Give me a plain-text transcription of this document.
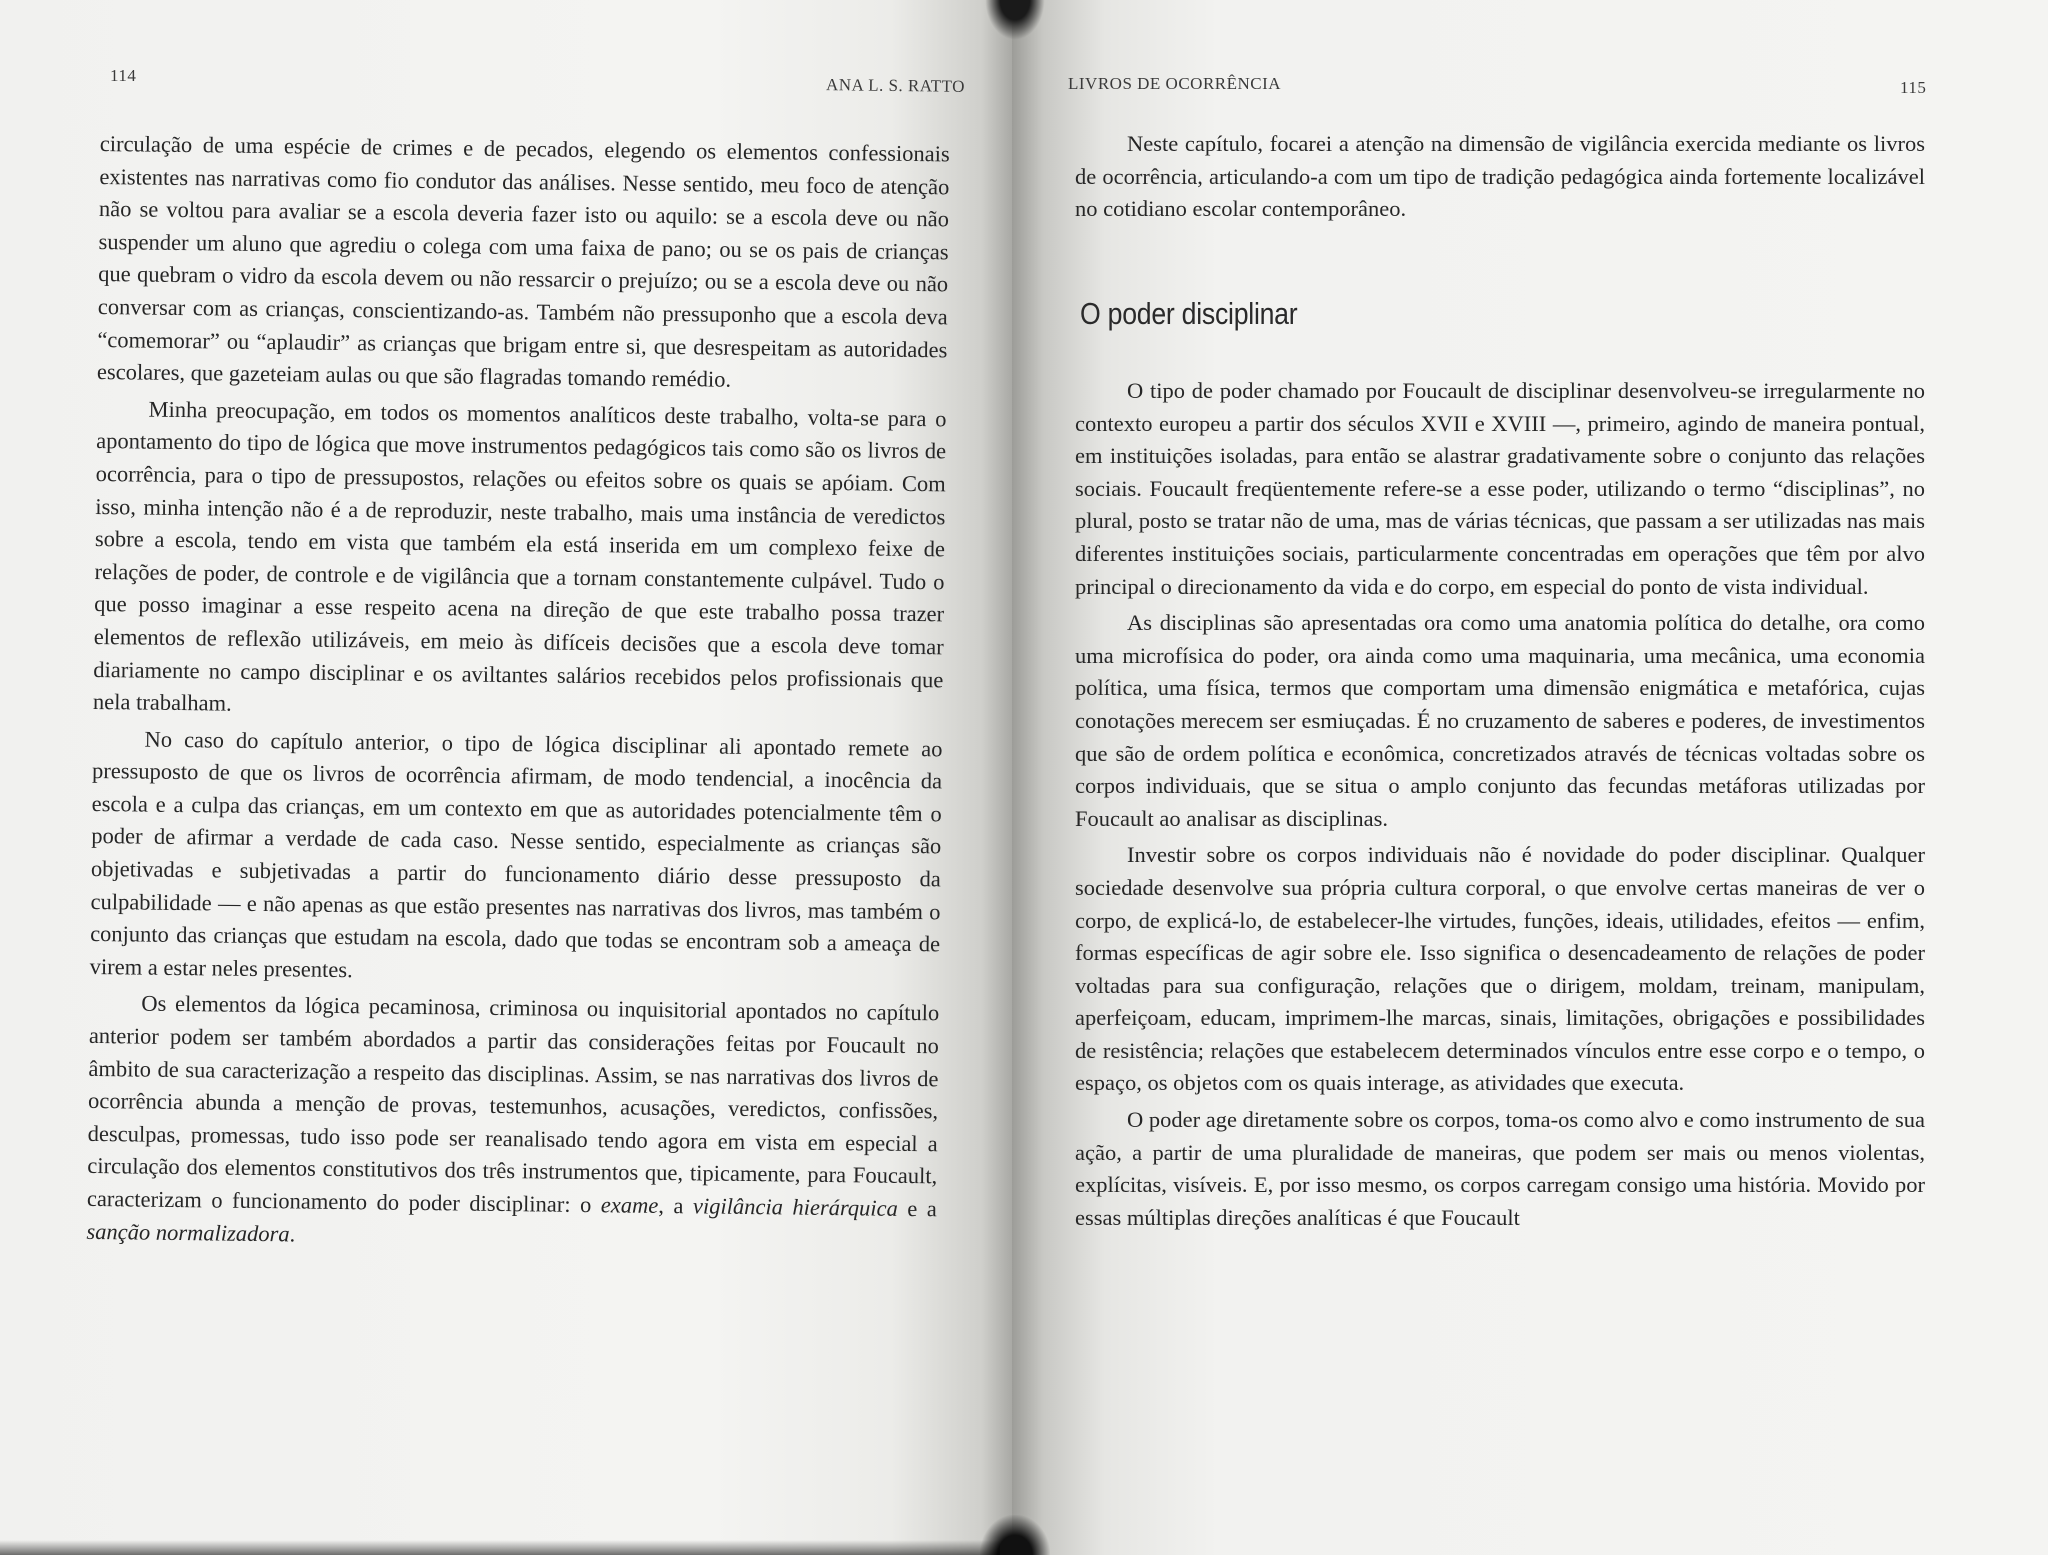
114	ANA L. S. RATTO

circulação de uma espécie de crimes e de pecados, elegendo os elementos confessionais existentes nas narrativas como fio condutor das análises. Nesse sentido, meu foco de atenção não se voltou para avaliar se a escola deveria fazer isto ou aquilo: se a escola deve ou não suspender um aluno que agrediu o colega com uma faixa de pano; ou se os pais de crianças que quebram o vidro da escola devem ou não ressarcir o prejuízo; ou se a escola deve ou não conversar com as crianças, conscientizando-as. Também não pressuponho que a escola deva “comemorar” ou “aplaudir” as crianças que brigam entre si, que desrespeitam as autoridades escolares, que gazeteiam aulas ou que são flagradas tomando remédio.

Minha preocupação, em todos os momentos analíticos deste trabalho, volta-se para o apontamento do tipo de lógica que move instrumentos pedagógicos tais como são os livros de ocorrência, para o tipo de pressupostos, relações ou efeitos sobre os quais se apóiam. Com isso, minha intenção não é a de reproduzir, neste trabalho, mais uma instância de veredictos sobre a escola, tendo em vista que também ela está inserida em um complexo feixe de relações de poder, de controle e de vigilância que a tornam constantemente culpável. Tudo o que posso imaginar a esse respeito acena na direção de que este trabalho possa trazer elementos de reflexão utilizáveis, em meio às difíceis decisões que a escola deve tomar diariamente no campo disciplinar e os aviltantes salários recebidos pelos profissionais que nela trabalham.

No caso do capítulo anterior, o tipo de lógica disciplinar ali apontado remete ao pressuposto de que os livros de ocorrência afirmam, de modo tendencial, a inocência da escola e a culpa das crianças, em um contexto em que as autoridades potencialmente têm o poder de afirmar a verdade de cada caso. Nesse sentido, especialmente as crianças são objetivadas e subjetivadas a partir do funcionamento diário desse pressuposto da culpabilidade — e não apenas as que estão presentes nas narrativas dos livros, mas também o conjunto das crianças que estudam na escola, dado que todas se encontram sob a ameaça de virem a estar neles presentes.

Os elementos da lógica pecaminosa, criminosa ou inquisitorial apontados no capítulo anterior podem ser também abordados a partir das considerações feitas por Foucault no âmbito de sua caracterização a respeito das disciplinas. Assim, se nas narrativas dos livros de ocorrência abunda a menção de provas, testemunhos, acusações, veredictos, confissões, desculpas, promessas, tudo isso pode ser reanalisado tendo agora em vista em especial a circulação dos elementos constitutivos dos três instrumentos que, tipicamente, para Foucault, caracterizam o funcionamento do poder disciplinar: o exame, a vigilância hierárquica e a sanção normalizadora.

LIVROS DE OCORRÊNCIA	115

Neste capítulo, focarei a atenção na dimensão de vigilância exercida mediante os livros de ocorrência, articulando-a com um tipo de tradição pedagógica ainda fortemente localizável no cotidiano escolar contemporâneo.

O poder disciplinar

O tipo de poder chamado por Foucault de disciplinar desenvolveu-se irregularmente no contexto europeu a partir dos séculos XVII e XVIII —, primeiro, agindo de maneira pontual, em instituições isoladas, para então se alastrar gradativamente sobre o conjunto das relações sociais. Foucault freqüentemente refere-se a esse poder, utilizando o termo “disciplinas”, no plural, posto se tratar não de uma, mas de várias técnicas, que passam a ser utilizadas nas mais diferentes instituições sociais, particularmente concentradas em operações que têm por alvo principal o direcionamento da vida e do corpo, em especial do ponto de vista individual.

As disciplinas são apresentadas ora como uma anatomia política do detalhe, ora como uma microfísica do poder, ora ainda como uma maquinaria, uma mecânica, uma economia política, uma física, termos que comportam uma dimensão enigmática e metafórica, cujas conotações merecem ser esmiuçadas. É no cruzamento de saberes e poderes, de investimentos que são de ordem política e econômica, concretizados através de técnicas voltadas sobre os corpos individuais, que se situa o amplo conjunto das fecundas metáforas utilizadas por Foucault ao analisar as disciplinas.

Investir sobre os corpos individuais não é novidade do poder disciplinar. Qualquer sociedade desenvolve sua própria cultura corporal, o que envolve certas maneiras de ver o corpo, de explicá-lo, de estabelecer-lhe virtudes, funções, ideais, utilidades, efeitos — enfim, formas específicas de agir sobre ele. Isso significa o desencadeamento de relações de poder voltadas para sua configuração, relações que o dirigem, moldam, treinam, manipulam, aperfeiçoam, educam, imprimem-lhe marcas, sinais, limitações, obrigações e possibilidades de resistência; relações que estabelecem determinados vínculos entre esse corpo e o tempo, o espaço, os objetos com os quais interage, as atividades que executa.

O poder age diretamente sobre os corpos, toma-os como alvo e como instrumento de sua ação, a partir de uma pluralidade de maneiras, que podem ser mais ou menos violentas, explícitas, visíveis. E, por isso mesmo, os corpos carregam consigo uma história. Movido por essas múltiplas direções analíticas é que Foucault
